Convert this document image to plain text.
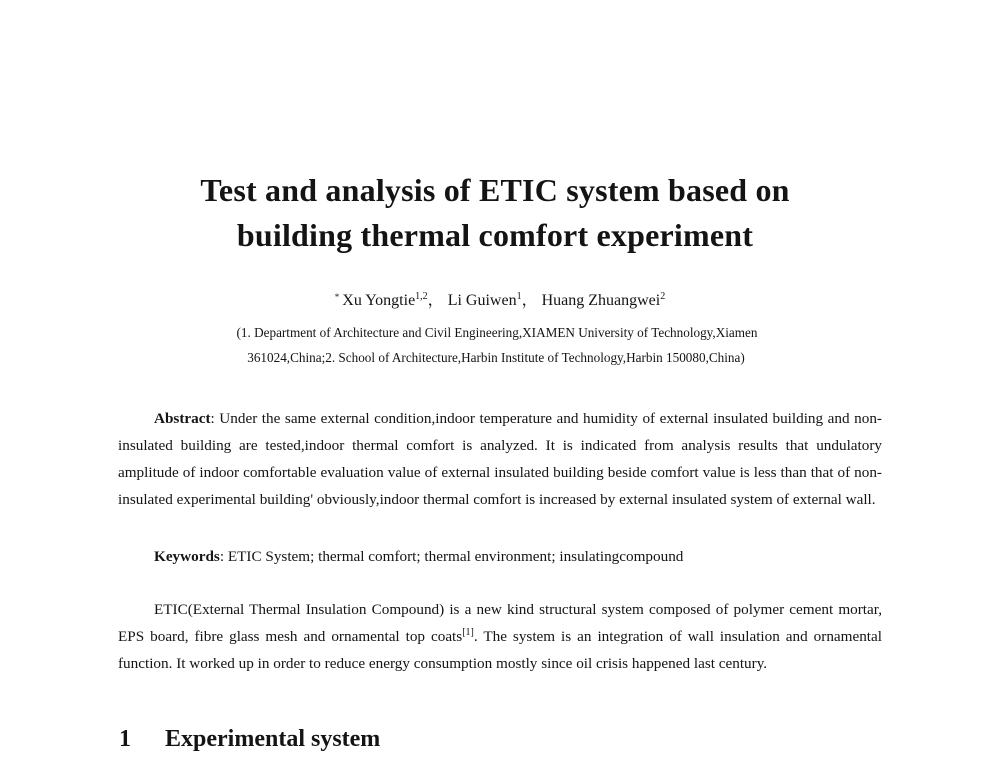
Test and analysis of ETIC system based on
building thermal comfort experiment
* Xu Yongtie$^{1,2}$， Li Guiwen$^1$， Huang Zhuangwei$^2$
(1. Department of Architecture and Civil Engineering,XIAMEN University of Technology,Xiamen
361024,China;2. School of Architecture,Harbin Institute of Technology,Harbin 150080,China)
Abstract: Under the same external condition,indoor temperature and humidity of external insulated building and non-insulated building are tested,indoor thermal comfort is analyzed. It is indicated from analysis results that undulatory amplitude of indoor comfortable evaluation value of external insulated building beside comfort value is less than that of non-insulated experimental building' obviously,indoor thermal comfort is increased by external insulated system of external wall.
Keywords: ETIC System; thermal comfort; thermal environment; insulatingcompound
ETIC(External Thermal Insulation Compound) is a new kind structural system composed of polymer cement mortar, EPS board, fibre glass mesh and ornamental top coats[1]. The system is an integration of wall insulation and ornamental function. It worked up in order to reduce energy consumption mostly since oil crisis happened last century.
1 Experimental system
